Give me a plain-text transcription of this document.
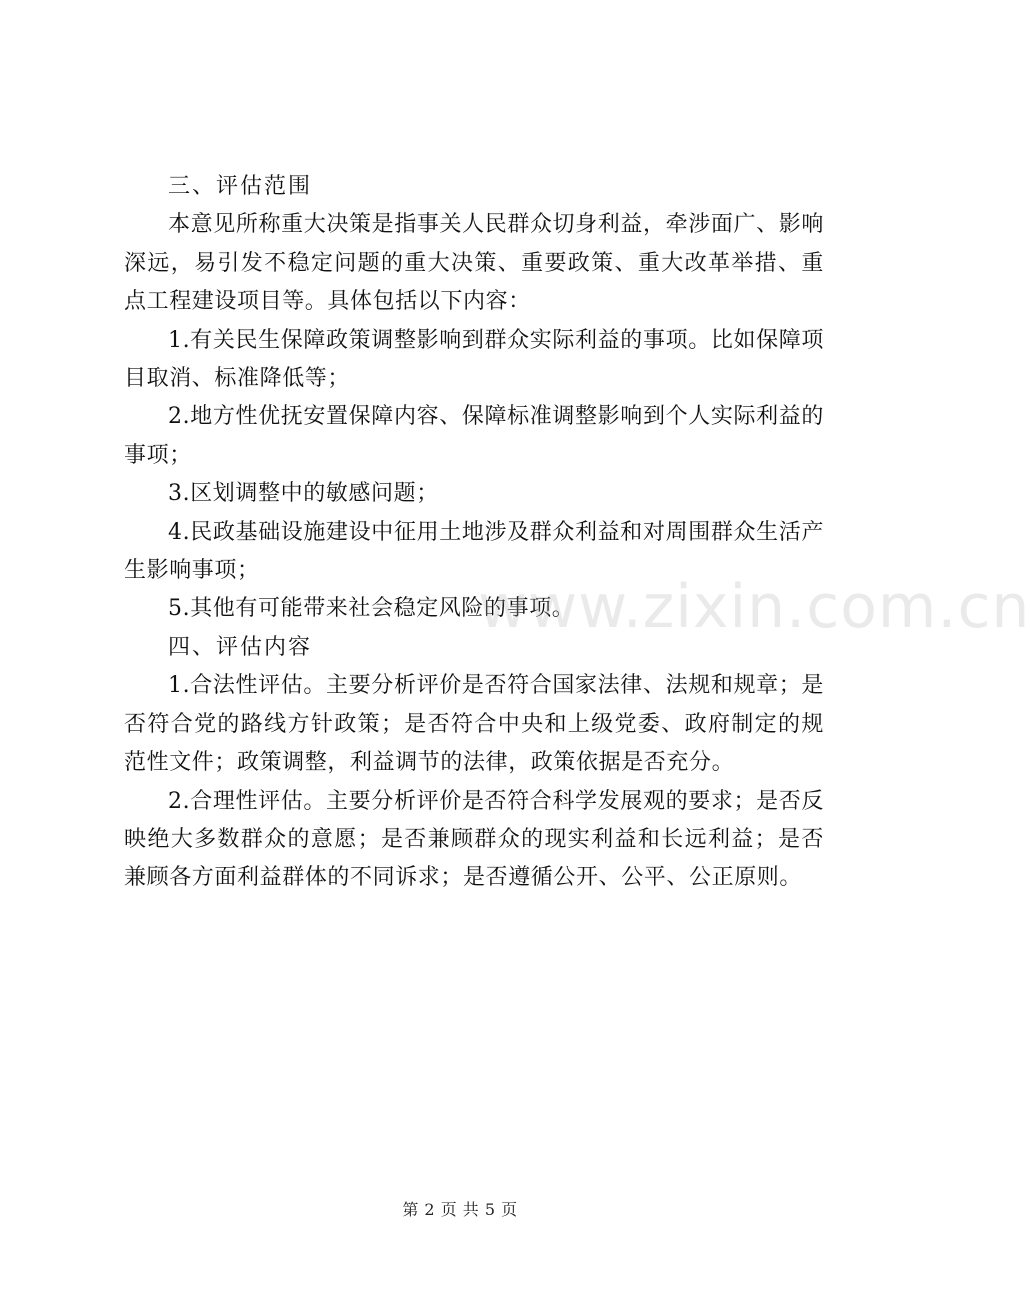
三、评估范围

本意见所称重大决策是指事关人民群众切身利益，牵涉面广、影响深远，易引发不稳定问题的重大决策、重要政策、重大改革举措、重点工程建设项目等。具体包括以下内容：

1.有关民生保障政策调整影响到群众实际利益的事项。比如保障项目取消、标准降低等；

2.地方性优抚安置保障内容、保障标准调整影响到个人实际利益的事项；

3.区划调整中的敏感问题；

4.民政基础设施建设中征用土地涉及群众利益和对周围群众生活产生影响事项；

5.其他有可能带来社会稳定风险的事项。

四、评估内容

1.合法性评估。主要分析评价是否符合国家法律、法规和规章；是否符合党的路线方针政策；是否符合中央和上级党委、政府制定的规范性文件；政策调整，利益调节的法律，政策依据是否充分。

2.合理性评估。主要分析评价是否符合科学发展观的要求；是否反映绝大多数群众的意愿；是否兼顾群众的现实利益和长远利益；是否兼顾各方面利益群体的不同诉求；是否遵循公开、公平、公正原则。

www.zixin.com.cn
第 2 页 共 5 页
